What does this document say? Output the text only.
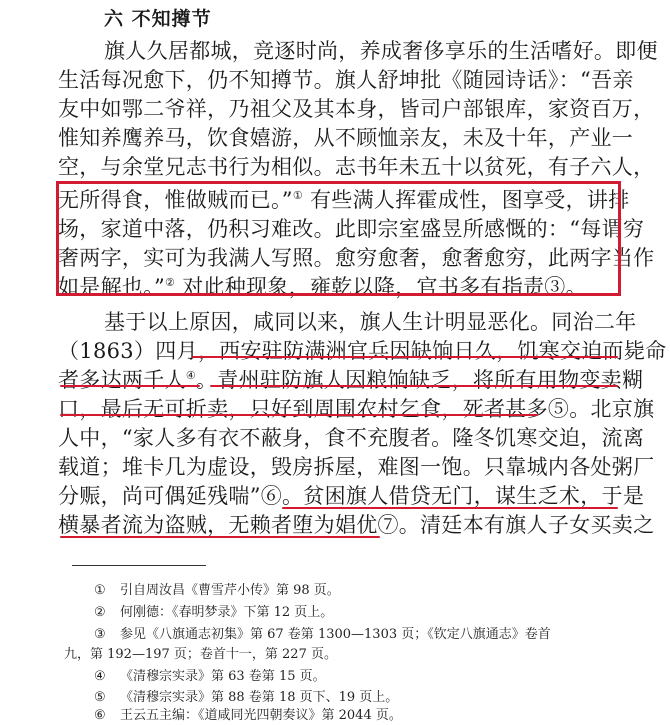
六 不知撙节
旗人久居都城，竞逐时尚，养成奢侈享乐的生活嗜好。即便
生活每况愈下，仍不知撙节。旗人舒坤批《随园诗话》：“吾亲
友中如鄂二爷祥，乃祖父及其本身，皆司户部银库，家资百万，
惟知养鹰养马，饮食嬉游，从不顾恤亲友，未及十年，产业一
空，与余堂兄志书行为相似。志书年未五十以贫死，有子六人，
无所得食，惟做贼而已。”① 有些满人挥霍成性，图享受，讲排
场，家道中落，仍积习难改。此即宗室盛昱所感慨的：“每谓穷
奢两字，实可为我满人写照。愈穷愈奢，愈奢愈穷，此两字当作
如是解也。”② 对此种现象，雍乾以降，官书多有指责③。
基于以上原因，咸同以来，旗人生计明显恶化。同治二年
（1863）四月，西安驻防满洲官兵因缺饷日久，饥寒交迫而毙命
者多达两千人④。青州驻防旗人因粮饷缺乏，将所有用物变卖糊
口，最后无可折卖，只好到周围农村乞食，死者甚多⑤。北京旗
人中，“家人多有衣不蔽身，食不充腹者。隆冬饥寒交迫，流离
载道；堆卡几为虚设，毁房拆屋，难图一饱。只靠城内各处粥厂
分赈，尚可偶延残喘”⑥。贫困旗人借贷无门，谋生乏术，于是
横暴者流为盗贼，无赖者堕为娼优⑦。清廷本有旗人子女买卖之
① 引自周汝昌《曹雪芹小传》第 98 页。
② 何刚德：《春明梦录》下第 12 页上。
③ 参见《八旗通志初集》第 67 卷第 1300—1303 页；《钦定八旗通志》卷首
九，第 192—197 页；卷首十一，第 227 页。
④ 《清穆宗实录》第 63 卷第 15 页。
⑤ 《清穆宗实录》第 88 卷第 18 页下、19 页上。
⑥ 王云五主编：《道咸同光四朝奏议》第 2044 页。
